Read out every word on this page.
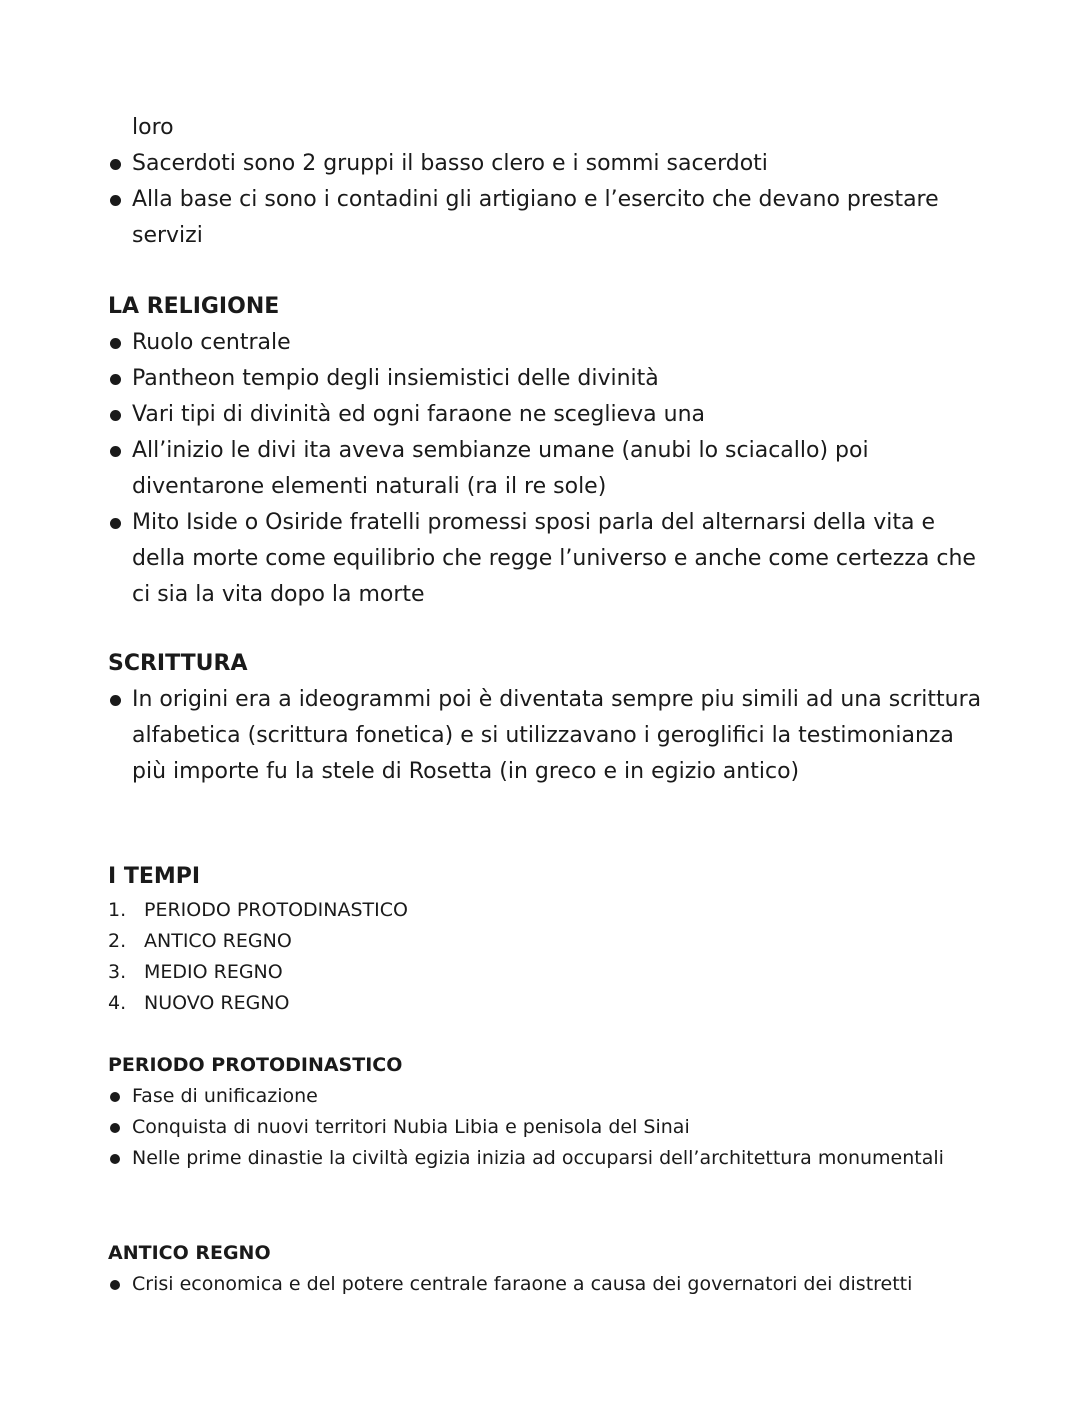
loro
Sacerdoti sono 2 gruppi il basso clero e i sommi sacerdoti
Alla base ci sono i contadini gli artigiano e l’esercito che devano prestare servizi
LA RELIGIONE
Ruolo centrale
Pantheon tempio degli insiemistici delle divinità
Vari tipi di divinità ed ogni faraone ne sceglieva una
All’inizio le divi ita aveva sembianze umane (anubi lo sciacallo) poi diventarone elementi naturali (ra il re sole)
Mito Iside o Osiride fratelli promessi sposi parla del alternarsi della vita e della morte come equilibrio che regge l’universo e anche come certezza che ci sia la vita dopo la morte
SCRITTURA
In origini era a ideogrammi poi è diventata sempre piu simili ad una scrittura alfabetica (scrittura fonetica) e si utilizzavano i geroglifici la testimonianza più importe fu la stele di Rosetta (in greco e in egizio antico)
I TEMPI
1. PERIODO PROTODINASTICO
2. ANTICO REGNO
3. MEDIO REGNO
4. NUOVO REGNO
PERIODO PROTODINASTICO
Fase di unificazione
Conquista di nuovi territori Nubia Libia e penisola del Sinai
Nelle prime dinastie la civiltà egizia inizia ad occuparsi dell’architettura monumentali
ANTICO REGNO
Crisi economica e del potere centrale faraone a causa dei governatori dei distretti
